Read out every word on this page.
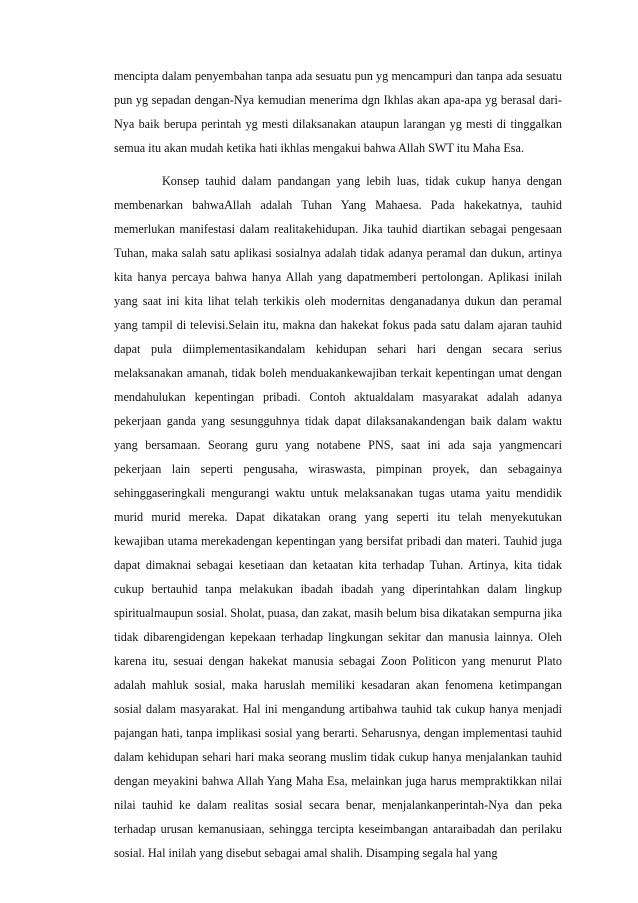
mencipta dalam penyembahan tanpa ada sesuatu pun yg mencampuri dan tanpa ada sesuatu pun yg sepadan dengan-Nya kemudian menerima dgn Ikhlas akan apa-apa yg berasal dari-Nya baik berupa perintah yg mesti dilaksanakan ataupun larangan yg mesti di tinggalkan semua itu akan mudah ketika hati ikhlas mengakui bahwa Allah SWT itu Maha Esa.

Konsep tauhid dalam pandangan yang lebih luas, tidak cukup hanya dengan membenarkan bahwaAllah adalah Tuhan Yang Mahaesa. Pada hakekatnya, tauhid memerlukan manifestasi dalam realitakehidupan. Jika tauhid diartikan sebagai pengesaan Tuhan, maka salah satu aplikasi sosialnya adalah tidak adanya peramal dan dukun, artinya kita hanya percaya bahwa hanya Allah yang dapatmemberi pertolongan. Aplikasi inilah yang saat ini kita lihat telah terkikis oleh modernitas denganadanya dukun dan peramal yang tampil di televisi.Selain itu, makna dan hakekat fokus pada satu dalam ajaran tauhid dapat pula diimplementasikandalam kehidupan sehari hari dengan secara serius melaksanakan amanah, tidak boleh menduakankewajiban terkait kepentingan umat dengan mendahulukan kepentingan pribadi. Contoh aktualdalam masyarakat adalah adanya pekerjaan ganda yang sesungguhnya tidak dapat dilaksanakandengan baik dalam waktu yang bersamaan. Seorang guru yang notabene PNS, saat ini ada saja yangmencari pekerjaan lain seperti pengusaha, wiraswasta, pimpinan proyek, dan sebagainya sehinggaseringkali mengurangi waktu untuk melaksanakan tugas utama yaitu mendidik murid murid mereka. Dapat dikatakan orang yang seperti itu telah menyekutukan kewajiban utama merekadengan kepentingan yang bersifat pribadi dan materi. Tauhid juga dapat dimaknai sebagai kesetiaan dan ketaatan kita terhadap Tuhan. Artinya, kita tidak cukup bertauhid tanpa melakukan ibadah ibadah yang diperintahkan dalam lingkup spiritualmaupun sosial. Sholat, puasa, dan zakat, masih belum bisa dikatakan sempurna jika tidak dibarengidengan kepekaan terhadap lingkungan sekitar dan manusia lainnya. Oleh karena itu, sesuai dengan hakekat manusia sebagai Zoon Politicon yang menurut Plato adalah mahluk sosial, maka haruslah memiliki kesadaran akan fenomena ketimpangan sosial dalam masyarakat. Hal ini mengandung artibahwa tauhid tak cukup hanya menjadi pajangan hati, tanpa implikasi sosial yang berarti. Seharusnya, dengan implementasi tauhid dalam kehidupan sehari hari maka seorang muslim tidak cukup hanya menjalankan tauhid dengan meyakini bahwa Allah Yang Maha Esa, melainkan juga harus mempraktikkan nilai nilai tauhid ke dalam realitas sosial secara benar, menjalankanperintah-Nya dan peka terhadap urusan kemanusiaan, sehingga tercipta keseimbangan antaraibadah dan perilaku sosial. Hal inilah yang disebut sebagai amal shalih. Disamping segala hal yang
